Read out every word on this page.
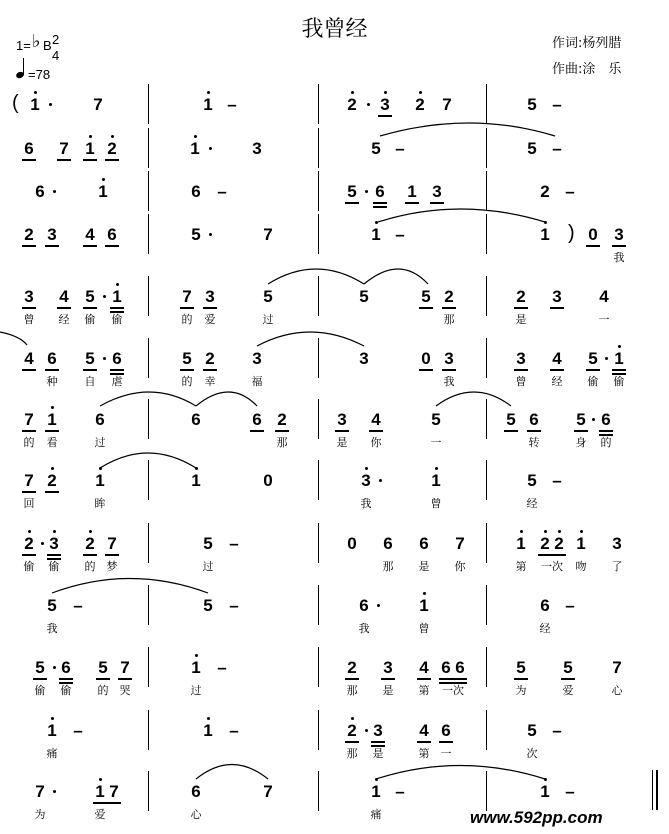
我曾经
作词:杨列腊
作曲:涂　乐
1= ♭ B 2
4
=78
( 1	7	1 –	2 3 2 7	5 –
6 7 1 2	1	3	5 –	5 –
6	1	6 –	5 6 1 3	2 –
)
2 3 4 6	5	7	1 –	1 0 3
我
3 4 5 1	7 3	5	5	5 2	2 3 4
曾 经 偷 偷	的 爱	过	那	是	一
4 6 5 6	5 2 3	3	0 3	3 4 5 1
种 自 虐	的 幸	福	我	曾 经 偷 偷
7 1 6	6	6 2	3 4	5	5 6 5 6
的 看	过	那	是 你	一	转	身 的
7 2 1	1	0	3	1	5 –
回	眸	我	曾	经
2 3 2 7	5 –	0 6 6 7	1 2 2 1 3
偷 偷 的 梦	过	那 是 你	第 一次 吻 了
5 –	5 –	6	1	6 –
我	我	曾	经
5 6 5 7	1 –	2 3 4 6 6	5 5 7
偷 偷 的 哭	过	那 是 第 一次	为	爱	心
1 –	1 –	2 3 4 6	5 –
痛	那 是	第 一	次
7	1 7	6	7	1 –	1 –
为	爱	心	痛	www.592pp.com
